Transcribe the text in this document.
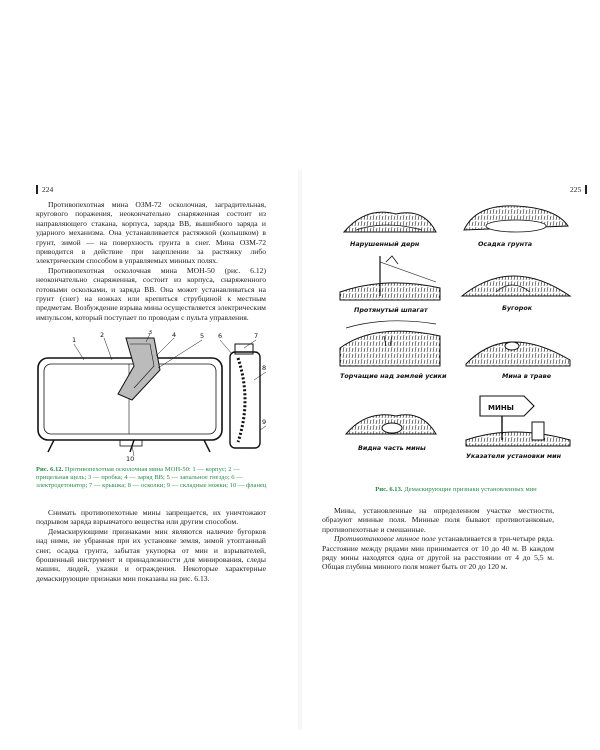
224

Противопехотная мина ОЗМ-72 осколочная, заградительная, кругового поражения, неокончательно снаряженная состоит из направляющего стакана, корпуса, заряда ВВ, вышибного заряда и ударного механизма. Она устанавливается растяжкой (колышком) в грунт, зимой — на поверхность грунта в снег. Мина ОЗМ-72 приводится в действие при зацеплении за растяжку либо электрическим способом в управляемых минных полях.

Противопехотная осколочная мина МОН-50 (рис. 6.12) неокончательно снаряженная, состоит из корпуса, снаряженного готовыми осколками, и заряда ВВ. Она может устанавливаться на грунт (снег) на ножках или крепиться струбциной к местным предметам. Возбуждение взрыва мины осуществляется электрическим импульсом, который поступает по проводам с пульта управления.

1
2	3	4	5 6	7
8
9
10
Рис. 6.12. Противопехотная осколочная мина МОН-50: 1 — корпус; 2 — прицельная щель; 3 — пробка; 4 — заряд ВВ; 5 — запальное гнездо; 6 — электродетонатор; 7 — крышка; 8 — осколки; 9 — складные ножки; 10 — фланец

Снимать противопехотные мины запрещается, их уничтожают подрывом заряда взрывчатого вещества или другим способом.

Демаскирующими признаками мин являются наличие бугорков над ними, не убранная при их установке земля, зимой утоптанный снег, осадка грунта, забытая укупорка от мин и взрывателей, брошенный инструмент и принадлежности для минирования, следы машин, людей, указки и ограждения. Некоторые характерные демаскирующие признаки мин показаны на рис. 6.13.

225
Нарушенный дерн	Осадка грунта
Протянутый шпагат	Бугорок
Торчащие над землей усики	Мина в траве
Видна часть мины
МИНЫ
Указатели установки мин
Рис. 6.13. Демаскирующие признаки установленных мин

Мины, установленные на определенном участке местности, образуют минные поля. Минные поля бывают противотанковые, противопехотные и смешанные.

Противотанковое минное поле устанавливается в три-четыре ряда. Расстояние между рядами мин принимается от 10 до 40 м. В каждом ряду мины находятся одна от другой на расстоянии от 4 до 5,5 м. Общая глубина минного поля может быть от 20 до 120 м.
